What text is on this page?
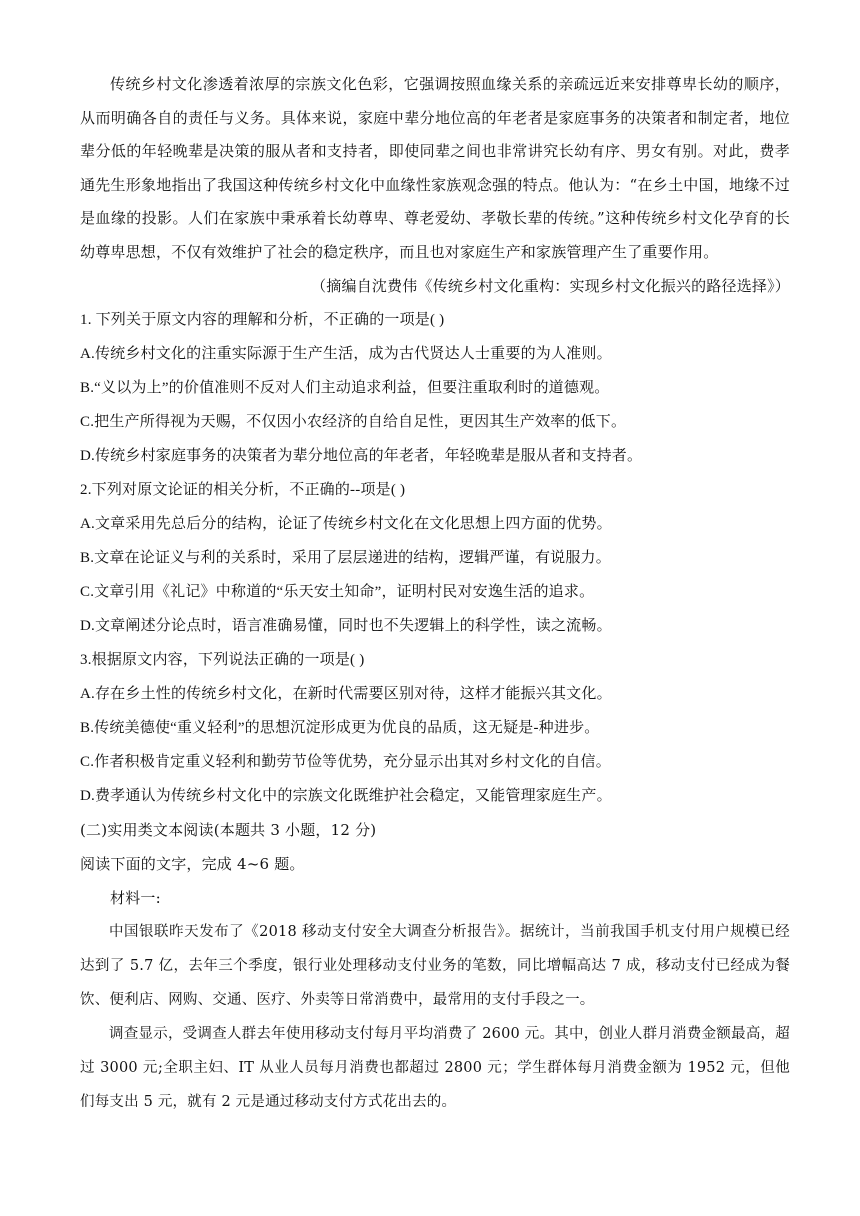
传统乡村文化渗透着浓厚的宗族文化色彩，它强调按照血缘关系的亲疏远近来安排尊卑长幼的顺序，从而明确各自的责任与义务。具体来说，家庭中辈分地位高的年老者是家庭事务的决策者和制定者，地位辈分低的年轻晚辈是决策的服从者和支持者，即使同辈之间也非常讲究长幼有序、男女有别。对此，费孝通先生形象地指出了我国这种传统乡村文化中血缘性家族观念强的特点。他认为：“在乡土中国，地缘不过是血缘的投影。人们在家族中秉承着长幼尊卑、尊老爱幼、孝敬长辈的传统。”这种传统乡村文化孕育的长幼尊卑思想，不仅有效维护了社会的稳定秩序，而且也对家庭生产和家族管理产生了重要作用。

（摘编自沈费伟《传统乡村文化重构：实现乡村文化振兴的路径选择》）

1. 下列关于原文内容的理解和分析，不正确的一项是( )

A.传统乡村文化的注重实际源于生产生活，成为古代贤达人士重要的为人准则。

B.“义以为上”的价值准则不反对人们主动追求利益，但要注重取利时的道德观。

C.把生产所得视为天赐，不仅因小农经济的自给自足性，更因其生产效率的低下。

D.传统乡村家庭事务的决策者为辈分地位高的年老者，年轻晚辈是服从者和支持者。

2.下列对原文论证的相关分析，不正确的--项是( )

A.文章采用先总后分的结构，论证了传统乡村文化在文化思想上四方面的优势。

B.文章在论证义与利的关系时，采用了层层递进的结构，逻辑严谨，有说服力。

C.文章引用《礼记》中称道的“乐天安土知命”，证明村民对安逸生活的追求。

D.文章阐述分论点时，语言准确易懂，同时也不失逻辑上的科学性，读之流畅。

3.根据原文内容，下列说法正确的一项是( )

A.存在乡土性的传统乡村文化，在新时代需要区别对待，这样才能振兴其文化。

B.传统美德使“重义轻利”的思想沉淀形成更为优良的品质，这无疑是-种进步。

C.作者积极肯定重义轻利和勤劳节俭等优势，充分显示出其对乡村文化的自信。

D.费孝通认为传统乡村文化中的宗族文化既维护社会稳定，又能管理家庭生产。

(二)实用类文本阅读(本题共 3 小题，12 分)

阅读下面的文字，完成 4~6 题。

材料一:

中国银联昨天发布了《2018 移动支付安全大调查分析报告》。据统计，当前我国手机支付用户规模已经达到了 5.7 亿，去年三个季度，银行业处理移动支付业务的笔数，同比增幅高达 7 成，移动支付已经成为餐饮、便利店、网购、交通、医疗、外卖等日常消费中，最常用的支付手段之一。

调查显示，受调查人群去年使用移动支付每月平均消费了 2600 元。其中，创业人群月消费金额最高，超过 3000 元;全职主妇、IT 从业人员每月消费也都超过 2800 元；学生群体每月消费金额为 1952 元，但他们每支出 5 元，就有 2 元是通过移动支付方式花出去的。
